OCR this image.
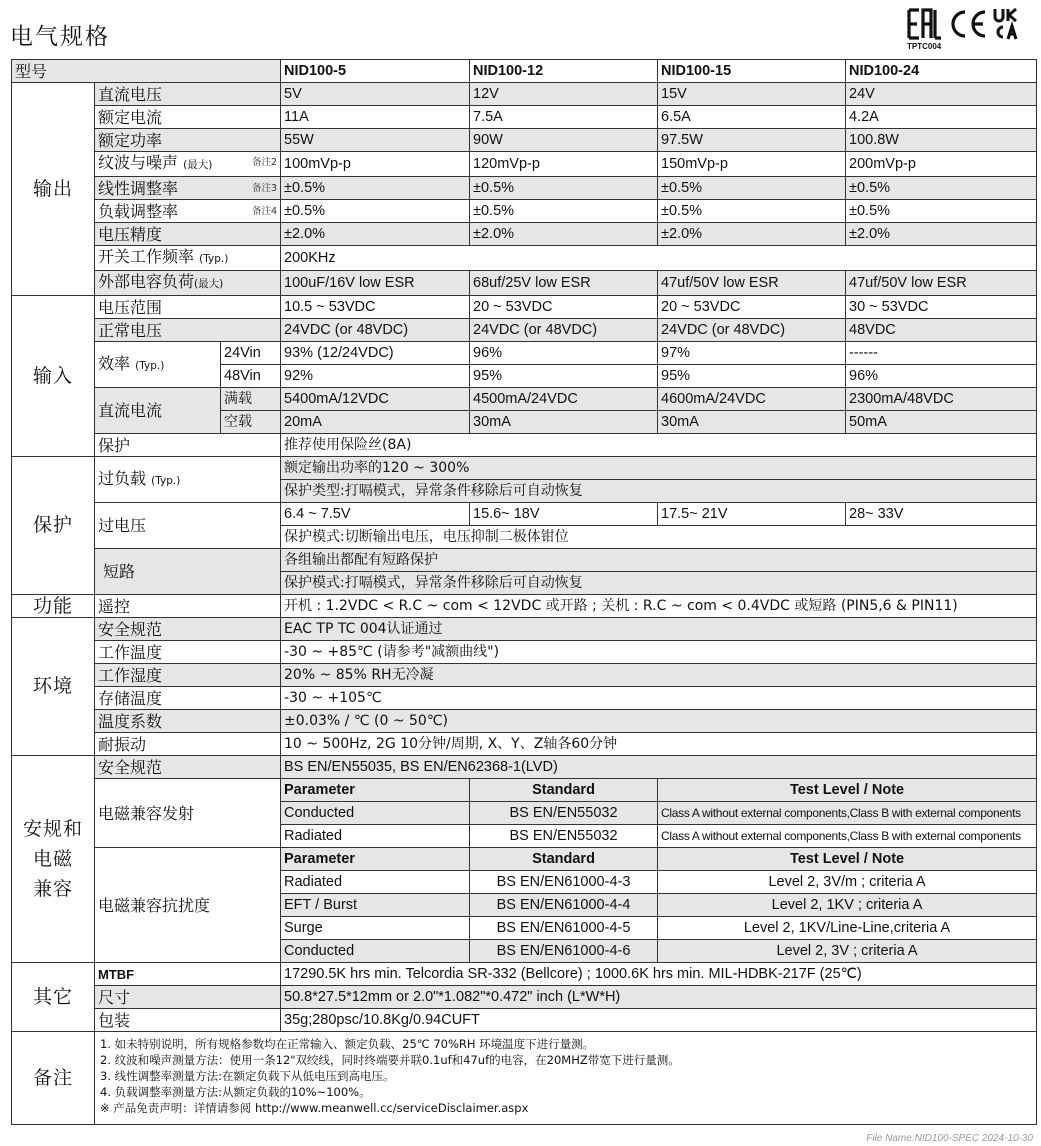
电气规格	TPTC004
型号			NID100-5	NID100-12	NID100-15	NID100-24
输出	直流电压		5V	12V	15V	24V
	额定电流		11A	7.5A	6.5A	4.2A
	额定功率		55W	90W	97.5W	100.8W
	纹波与噪声 (最大) 备注2		100mVp-p	120mVp-p	150mVp-p	200mVp-p
	线性调整率 备注3		±0.5%	±0.5%	±0.5%	±0.5%
	负载调整率 备注4		±0.5%	±0.5%	±0.5%	±0.5%
	电压精度		±2.0%	±2.0%	±2.0%	±2.0%
	开关工作频率 (Typ.)		200KHz			
	外部电容负荷(最大)		100uF/16V low ESR	68uf/25V low ESR	47uf/50V low ESR	47uf/50V low ESR
输入	电压范围		10.5 ~ 53VDC	20 ~ 53VDC	20 ~ 53VDC	30 ~ 53VDC
	正常电压		24VDC (or 48VDC)	24VDC (or 48VDC)	24VDC (or 48VDC)	48VDC
	效率 (Typ.)	24Vin	93% (12/24VDC)	96%	97%	------
		48Vin	92%	95%	95%	96%
	直流电流	满载	5400mA/12VDC	4500mA/24VDC	4600mA/24VDC	2300mA/48VDC
		空载	20mA	30mA	30mA	50mA
	保护		推荐使用保险丝(8A)			
保护	过负载 (Typ.)		额定输出功率的120 ~ 300%			
			保护类型:打嗝模式，异常条件移除后可自动恢复			
	过电压		6.4 ~ 7.5V	15.6~ 18V	17.5~ 21V	28~ 33V
			保护模式:切断输出电压，电压抑制二极体钳位			
	短路		各组输出都配有短路保护			
			保护模式:打嗝模式，异常条件移除后可自动恢复			
功能	遥控		开机 : 1.2VDC < R.C ~ com < 12VDC 或开路 ; 关机 : R.C ~ com < 0.4VDC 或短路 (PIN5,6 & PIN11)			
环境	安全规范		EAC TP TC 004认证通过			
	工作温度		-30 ~ +85℃ (请参考"减额曲线")			
	工作湿度		20% ~ 85% RH无冷凝			
	存储温度		-30 ~ +105℃			
	温度系数		±0.03% / ℃ (0 ~ 50℃)			
	耐振动		10 ~ 500Hz, 2G 10分钟/周期, X、Y、Z轴各60分钟			

安规和
电磁
兼容	安全规范		BS EN/EN55035, BS EN/EN62368-1(LVD)			
	电磁兼容发射		Parameter	Standard	Test Level / Note	
			Conducted	BS EN/EN55032	Class A without external components,Class B with external components	
			Radiated	BS EN/EN55032	Class A without external components,Class B with external components	
	电磁兼容抗扰度		Parameter	Standard	Test Level / Note	
			Radiated	BS EN/EN61000-4-3	Level 2, 3V/m ; criteria A	
			EFT / Burst	BS EN/EN61000-4-4	Level 2, 1KV ; criteria A	
			Surge	BS EN/EN61000-4-5	Level 2, 1KV/Line-Line,criteria A	
			Conducted	BS EN/EN61000-4-6	Level 2, 3V ; criteria A	
其它	MTBF		17290.5K hrs min. Telcordia SR-332 (Bellcore) ; 1000.6K hrs min. MIL-HDBK-217F (25℃)			
	尺寸		50.8*27.5*12mm or 2.0"*1.082"*0.472" inch (L*W*H)			
	包装		35g;280psc/10.8Kg/0.94CUFT			
备注	1. 如未特别说明，所有规格参数均在正常输入、额定负载、25℃ 70%RH 环境温度下进行量测。
2. 纹波和噪声测量方法：使用一条12"双绞线，同时终端要并联0.1uf和47uf的电容，在20MHZ带宽下进行量测。
3. 线性调整率测量方法:在额定负载下从低电压到高电压。
4. 负载调整率测量方法:从额定负载的10%~100%。
※ 产品免责声明：详情请参阅 http://www.meanwell.cc/serviceDisclaimer.aspx					
File Name:NID100-SPEC 2024-10-30
